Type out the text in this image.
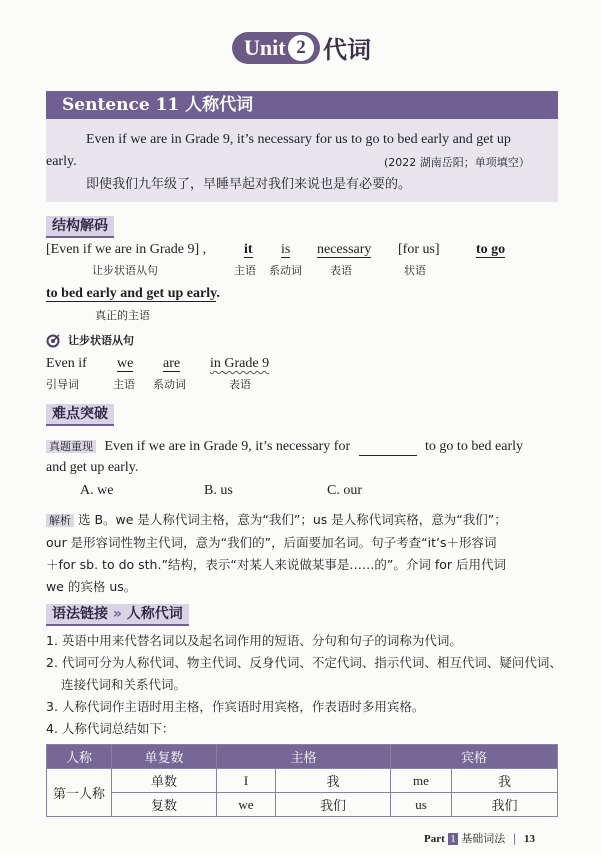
Unit 2 代词
Sentence 11 人称代词
Even if we are in Grade 9, it’s necessary for us to go to bed early and get up
early.	(2022 湖南岳阳；单项填空）
即使我们九年级了，早睡早起对我们来说也是有必要的。
结构解码
[Even if we are in Grade 9] ,
让步状语从句
it
主语
is
系动词
necessary
表语
[for us]
状语
to go
to bed early and get up early.
真正的主语
让步状语从句
Even if
引导词
we
主语
are
系动词
in Grade 9
表语
难点突破
真题重现 Even if we are in Grade 9, it’s necessary for	to go to bed early
and get up early.
A. we	B. us	C. our
解析 选 B。we 是人称代词主格，意为“我们”；us 是人称代词宾格，意为“我们”；
our 是形容词性物主代词，意为“我们的”，后面要加名词。句子考查“it’s＋形容词
＋for sb. to do sth.”结构，表示“对某人来说做某事是……的”。介词 for 后用代词
we 的宾格 us。
语法链接 » 人称代词
1. 英语中用来代替名词以及起名词作用的短语、分句和句子的词称为代词。
2. 代词可分为人称代词、物主代词、反身代词、不定代词、指示代词、相互代词、疑问代词、
连接代词和关系代词。
3. 人称代词作主语时用主格，作宾语时用宾格，作表语时多用宾格。
4. 人称代词总结如下：
人称	单复数	主格		宾格	
第一人称	单数	I	我	me	我
	复数	we	我们	us	我们
Part 1 基础词法 | 13
